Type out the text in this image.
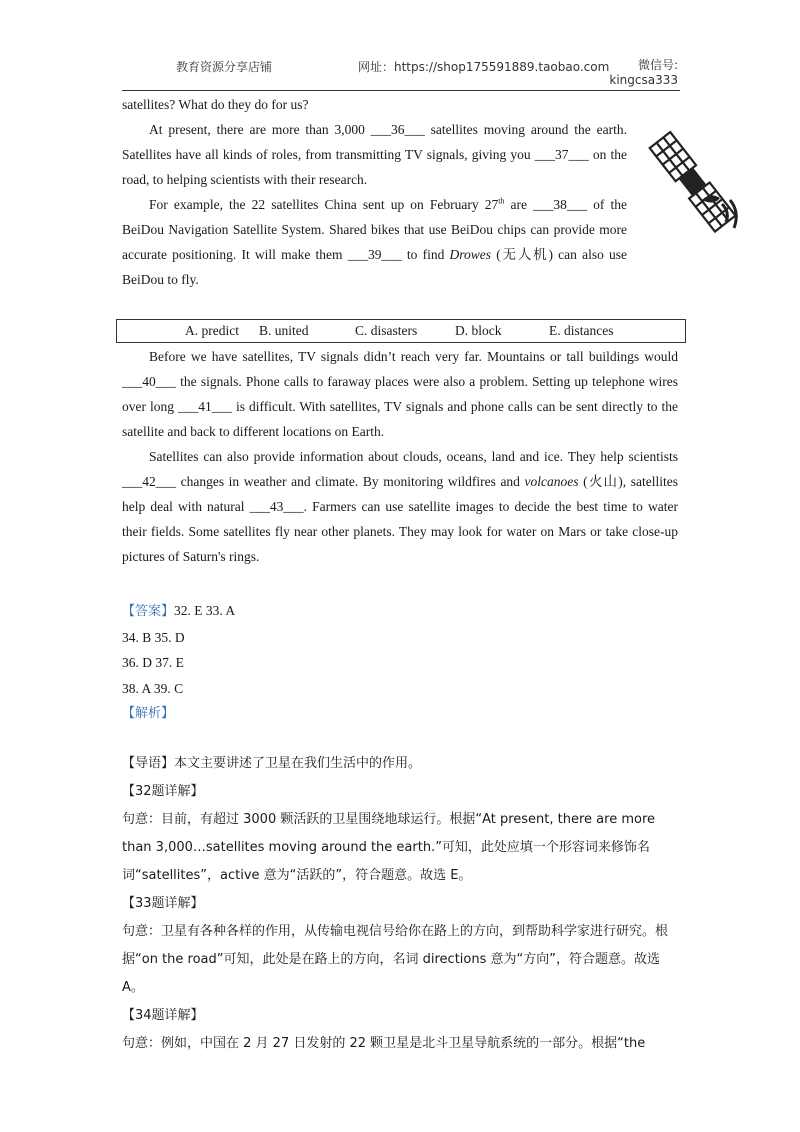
教育资源分享店铺	网址：https://shop175591889.taobao.com	微信号:
kingcsa333

satellites? What do they do for us?

At present, there are more than 3,000 ___36___ satellites moving around the earth. Satellites have all kinds of roles, from transmitting TV signals, giving you ___37___ on the road, to helping scientists with their research.

For example, the 22 satellites China sent up on February 27th are ___38___ of the BeiDou Navigation Satellite System. Shared bikes that use BeiDou chips can provide more accurate positioning. It will make them ___39___ to find Drowes (无人机) can also use BeiDou to fly.

A. predict B. united	C. disasters	D. block	E. distances

Before we have satellites, TV signals didn’t reach very far. Mountains or tall buildings would ___40___ the signals. Phone calls to faraway places were also a problem. Setting up telephone wires over long ___41___ is difficult. With satellites, TV signals and phone calls can be sent directly to the satellite and back to different locations on Earth.

Satellites can also provide information about clouds, oceans, land and ice. They help scientists ___42___ changes in weather and climate. By monitoring wildfires and volcanoes (火山), satellites help deal with natural ___43___. Farmers can use satellite images to decide the best time to water their fields. Some satellites fly near other planets. They may look for water on Mars or take close-up pictures of Saturn's rings.

【答案】32. E 33. A
34. B 35. D
36. D 37. E
38. A 39. C
【解析】

【导语】本文主要讲述了卫星在我们生活中的作用。

【32题详解】

句意：目前，有超过 3000 颗活跃的卫星围绕地球运行。根据“At present, there are more than 3,000…satellites moving around the earth.”可知，此处应填一个形容词来修饰名词“satellites”，active 意为“活跃的”，符合题意。故选 E。

【33题详解】

句意：卫星有各种各样的作用，从传输电视信号给你在路上的方向，到帮助科学家进行研究。根据“on the road”可知，此处是在路上的方向，名词 directions 意为“方向”，符合题意。故选 A。

【34题详解】

句意：例如，中国在 2 月 27 日发射的 22 颗卫星是北斗卫星导航系统的一部分。根据“the
